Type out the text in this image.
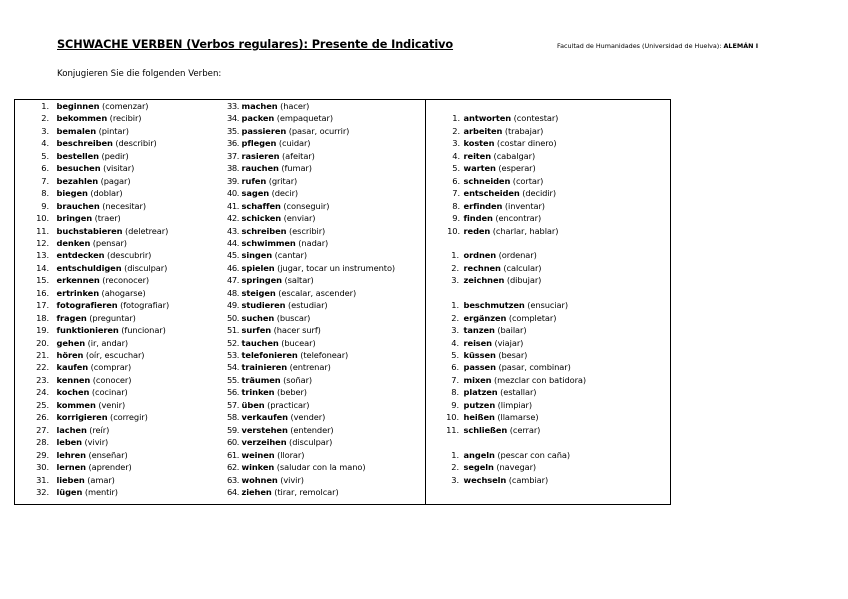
SCHWACHE VERBEN (Verbos regulares): Presente de Indicativo	Facultad de Humanidades (Universidad de Huelva): ALEMÁN I
Konjugieren Sie die folgenden Verben:
1. beginnen (comenzar)
2. bekommen (recibir)
3. bemalen (pintar)
4. beschreiben (describir)
5. bestellen (pedir)
6. besuchen (visitar)
7. bezahlen (pagar)
8. biegen (doblar)
9. brauchen (necesitar)
10. bringen (traer)
11. buchstabieren (deletrear)
12. denken (pensar)
13. entdecken (descubrir)
14. entschuldigen (disculpar)
15. erkennen (reconocer)
16. ertrinken (ahogarse)
17. fotografieren (fotografiar)
18. fragen (preguntar)
19. funktionieren (funcionar)
20. gehen (ir, andar)
21. hören (oír, escuchar)
22. kaufen (comprar)
23. kennen (conocer)
24. kochen (cocinar)
25. kommen (venir)
26. korrigieren (corregir)
27. lachen (reír)
28. leben (vivir)
29. lehren (enseñar)
30. lernen (aprender)
31. lieben (amar)
32. lügen (mentir)
33. machen (hacer)
34. packen (empaquetar)
35. passieren (pasar, ocurrir)
36. pflegen (cuidar)
37. rasieren (afeitar)
38. rauchen (fumar)
39. rufen (gritar)
40. sagen (decir)
41. schaffen (conseguir)
42. schicken (enviar)
43. schreiben (escribir)
44. schwimmen (nadar)
45. singen (cantar)
46. spielen (jugar, tocar un instrumento)
47. springen (saltar)
48. steigen (escalar, ascender)
49. studieren (estudiar)
50. suchen (buscar)
51. surfen (hacer surf)
52. tauchen (bucear)
53. telefonieren (telefonear)
54. trainieren (entrenar)
55. träumen (soñar)
56. trinken (beber)
57. üben (practicar)
58. verkaufen (vender)
59. verstehen (entender)
60. verzeihen (disculpar)
61. weinen (llorar)
62. winken (saludar con la mano)
63. wohnen (vivir)
64. ziehen (tirar, remolcar)
1. antworten (contestar)
2. arbeiten (trabajar)
3. kosten (costar dinero)
4. reiten (cabalgar)
5. warten (esperar)
6. schneiden (cortar)
7. entscheiden (decidir)
8. erfinden (inventar)
9. finden (encontrar)
10. reden (charlar, hablar)
1. ordnen (ordenar)
2. rechnen (calcular)
3. zeichnen (dibujar)
1. beschmutzen (ensuciar)
2. ergänzen (completar)
3. tanzen (bailar)
4. reisen (viajar)
5. küssen (besar)
6. passen (pasar, combinar)
7. mixen (mezclar con batidora)
8. platzen (estallar)
9. putzen (limpiar)
10. heißen (llamarse)
11. schließen (cerrar)
1. angeln (pescar con caña)
2. segeln (navegar)
3. wechseln (cambiar)
